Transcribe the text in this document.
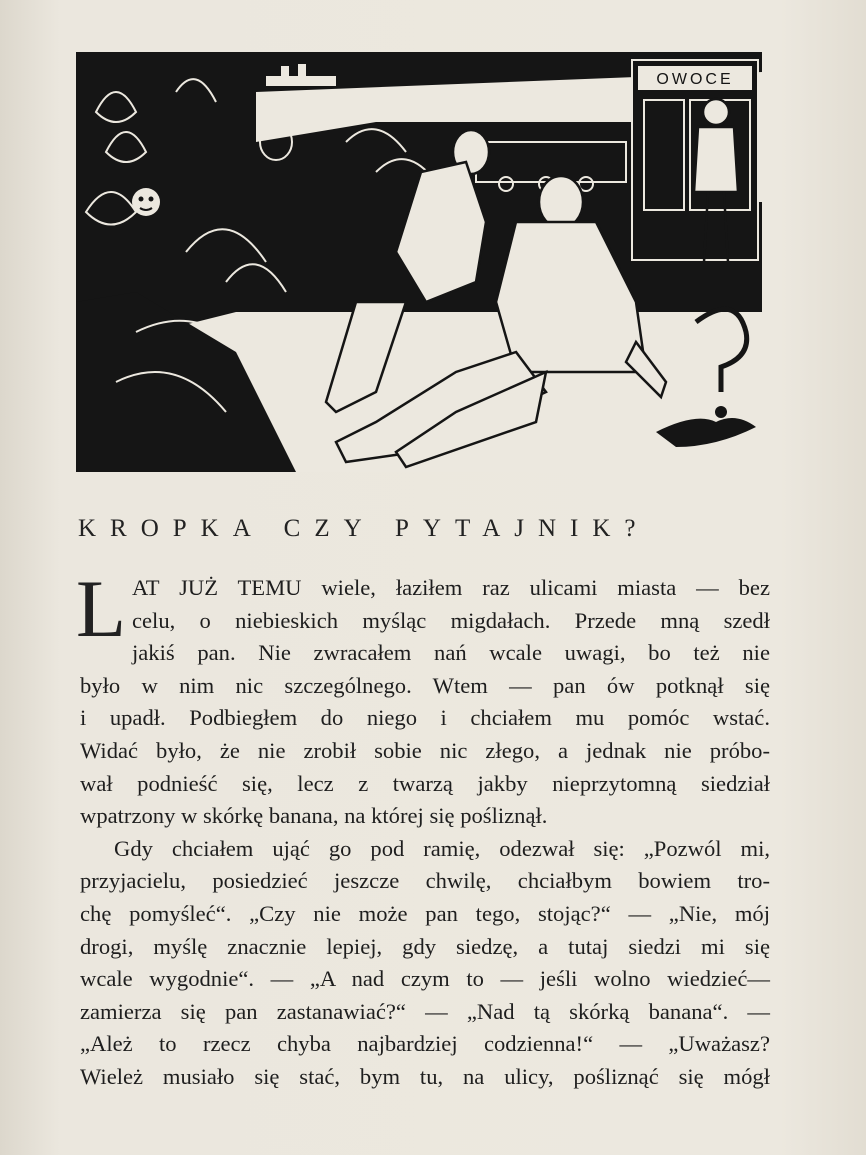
OWOCE
KROPKA CZY PYTAJNIK?
L AT JUŻ TEMU wiele, łaziłem raz ulicami miasta — bez
celu, o niebieskich myśląc migdałach. Przede mną szedł
jakiś pan. Nie zwracałem nań wcale uwagi, bo też nie
było w nim nic szczególnego. Wtem — pan ów potknął się
i upadł. Podbiegłem do niego i chciałem mu pomóc wstać.
Widać było, że nie zrobił sobie nic złego, a jednak nie próbo-
wał podnieść się, lecz z twarzą jakby nieprzytomną siedział
wpatrzony w skórkę banana, na której się pośliznął.
Gdy chciałem ująć go pod ramię, odezwał się: „Pozwól mi,
przyjacielu, posiedzieć jeszcze chwilę, chciałbym bowiem tro-
chę pomyśleć“. „Czy nie może pan tego, stojąc?“ — „Nie, mój
drogi, myślę znacznie lepiej, gdy siedzę, a tutaj siedzi mi się
wcale wygodnie“. — „A nad czym to — jeśli wolno wiedzieć—
zamierza się pan zastanawiać?“ — „Nad tą skórką banana“. —
„Ależ to rzecz chyba najbardziej codzienna!“ — „Uważasz?
Wieleż musiało się stać, bym tu, na ulicy, pośliznąć się mógł
